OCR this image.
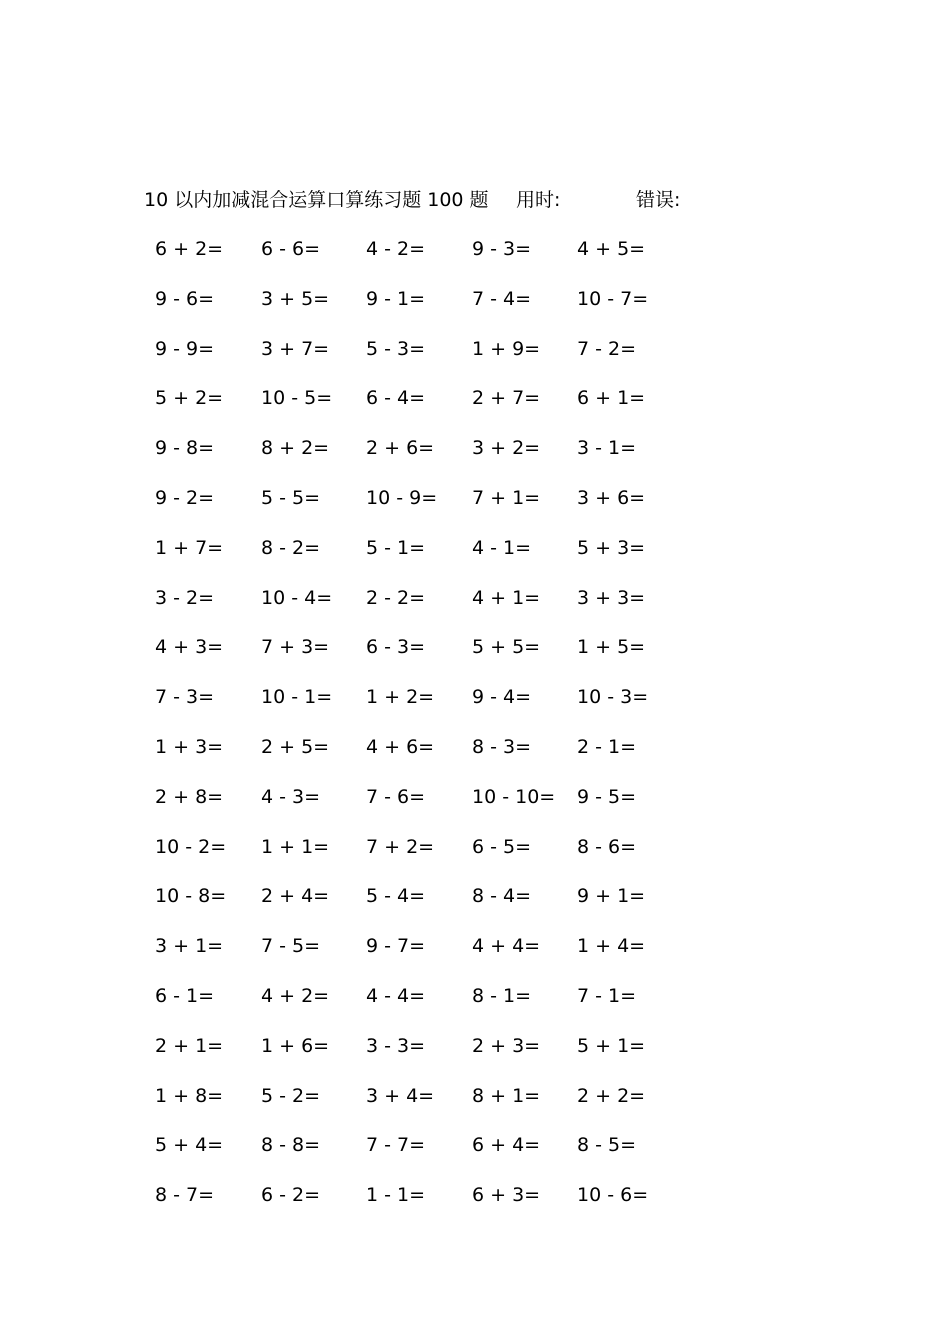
10 以内加减混合运算口算练习题 100 题 用时:	错误:
6 + 2= 6 - 6= 4 - 2= 9 - 3= 4 + 5=
9 - 6= 3 + 5= 9 - 1= 7 - 4= 10 - 7=
9 - 9= 3 + 7= 5 - 3= 1 + 9= 7 - 2=
5 + 2= 10 - 5= 6 - 4= 2 + 7= 6 + 1=
9 - 8= 8 + 2= 2 + 6= 3 + 2= 3 - 1=
9 - 2= 5 - 5= 10 - 9= 7 + 1= 3 + 6=
1 + 7= 8 - 2= 5 - 1= 4 - 1= 5 + 3=
3 - 2= 10 - 4= 2 - 2= 4 + 1= 3 + 3=
4 + 3= 7 + 3= 6 - 3= 5 + 5= 1 + 5=
7 - 3= 10 - 1= 1 + 2= 9 - 4= 10 - 3=
1 + 3= 2 + 5= 4 + 6= 8 - 3= 2 - 1=
2 + 8= 4 - 3= 7 - 6= 10 - 10= 9 - 5=
10 - 2= 1 + 1= 7 + 2= 6 - 5= 8 - 6=
10 - 8= 2 + 4= 5 - 4= 8 - 4= 9 + 1=
3 + 1= 7 - 5= 9 - 7= 4 + 4= 1 + 4=
6 - 1= 4 + 2= 4 - 4= 8 - 1= 7 - 1=
2 + 1= 1 + 6= 3 - 3= 2 + 3= 5 + 1=
1 + 8= 5 - 2= 3 + 4= 8 + 1= 2 + 2=
5 + 4= 8 - 8= 7 - 7= 6 + 4= 8 - 5=
8 - 7= 6 - 2= 1 - 1= 6 + 3= 10 - 6=
